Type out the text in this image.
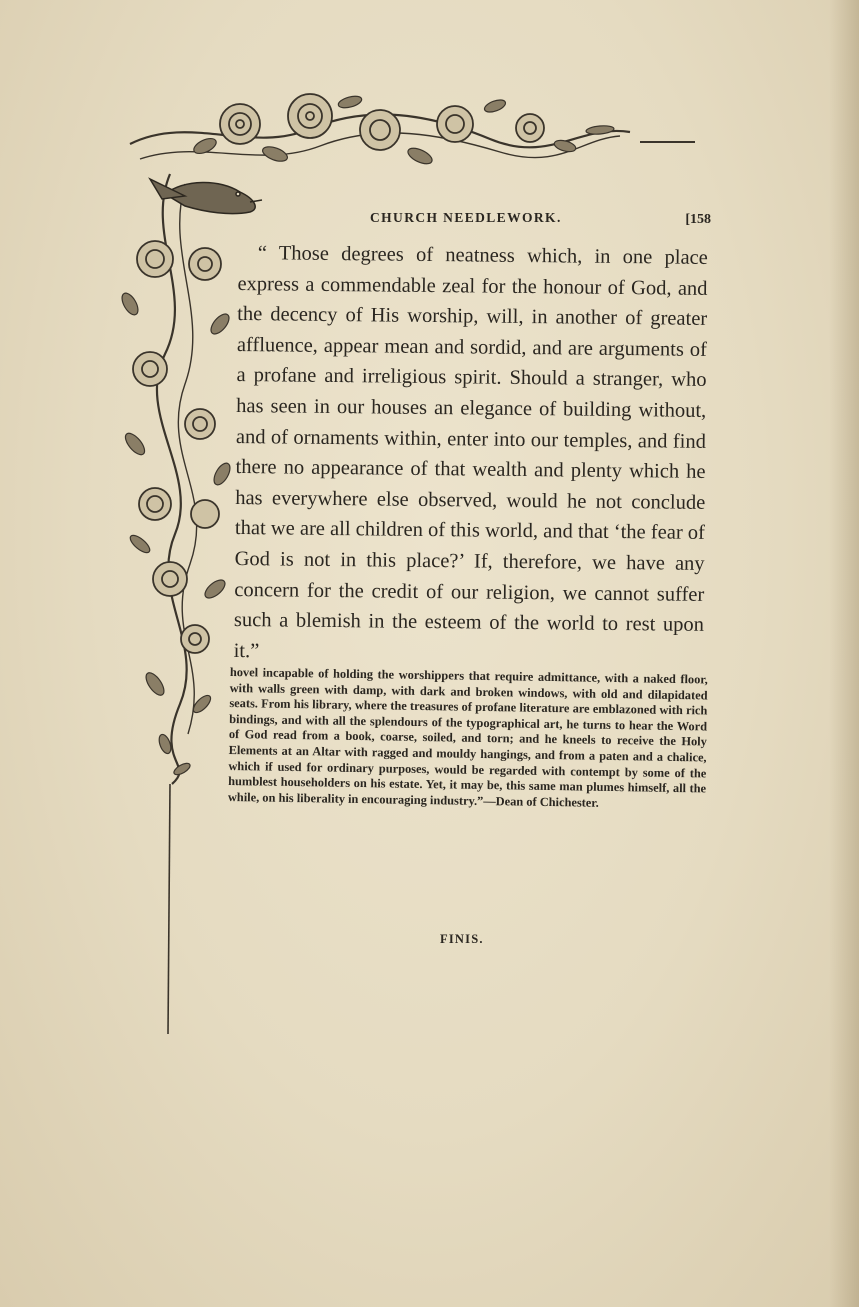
CHURCH NEEDLEWORK.	[158

“ Those degrees of neatness which, in one place express a commendable zeal for the honour of God, and the decency of His worship, will, in another of greater affluence, appear mean and sordid, and are arguments of a profane and irreligious spirit. Should a stranger, who has seen in our houses an elegance of building without, and of ornaments within, enter into our temples, and find there no appearance of that wealth and plenty which he has everywhere else observed, would he not conclude that we are all children of this world, and that ‘the fear of God is not in this place?’ If, therefore, we have any concern for the credit of our religion, we cannot suffer such a blemish in the esteem of the world to rest upon it.”

hovel incapable of holding the worshippers that require admittance, with a naked floor, with walls green with damp, with dark and broken windows, with old and dilapidated seats. From his library, where the treasures of profane literature are emblazoned with rich bindings, and with all the splendours of the typographical art, he turns to hear the Word of God read from a book, coarse, soiled, and torn; and he kneels to receive the Holy Elements at an Altar with ragged and mouldy hangings, and from a paten and a chalice, which if used for ordinary purposes, would be regarded with contempt by some of the humblest householders on his estate. Yet, it may be, this same man plumes himself, all the while, on his liberality in encouraging industry.”—Dean of Chichester.

FINIS.
